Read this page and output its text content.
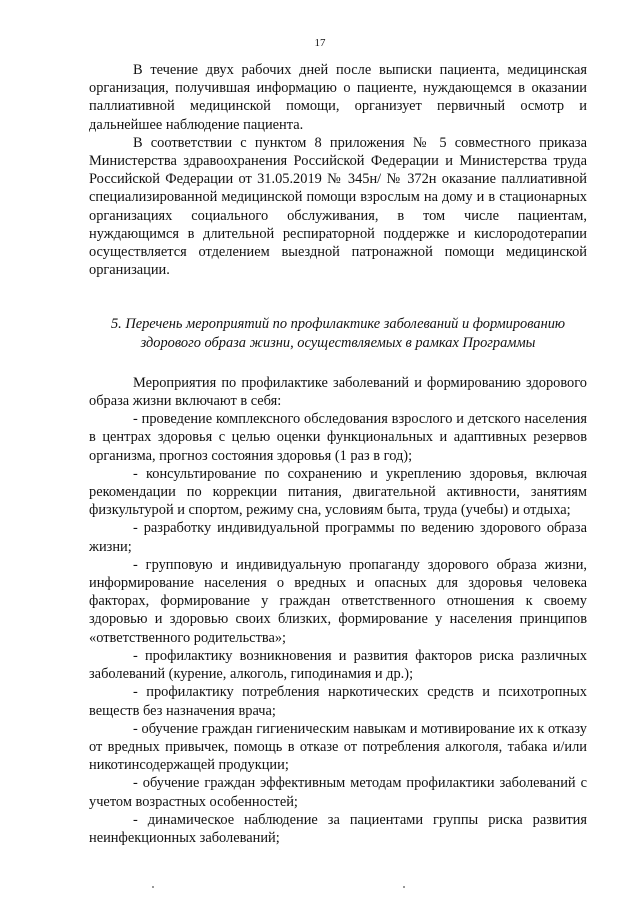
17

В течение двух рабочих дней после выписки пациента, медицинская организация, получившая информацию о пациенте, нуждающемся в оказании паллиативной медицинской помощи, организует первичный осмотр и дальнейшее наблюдение пациента.

В соответствии с пунктом 8 приложения № 5 совместного приказа Министерства здравоохранения Российской Федерации и Министерства труда Российской Федерации от 31.05.2019 № 345н/ № 372н оказание паллиативной специализированной медицинской помощи взрослым на дому и в стационарных организациях социального обслуживания, в том числе пациентам, нуждающимся в длительной респираторной поддержке и кислородотерапии осуществляется отделением выездной патронажной помощи медицинской организации.

5. Перечень мероприятий по профилактике заболеваний и формированию здорового образа жизни, осуществляемых в рамках Программы

Мероприятия по профилактике заболеваний и формированию здорового образа жизни включают в себя:

- проведение комплексного обследования взрослого и детского населения в центрах здоровья с целью оценки функциональных и адаптивных резервов организма, прогноз состояния здоровья (1 раз в год);

- консультирование по сохранению и укреплению здоровья, включая рекомендации по коррекции питания, двигательной активности, занятиям физкультурой и спортом, режиму сна, условиям быта, труда (учебы) и отдыха;

- разработку индивидуальной программы по ведению здорового образа жизни;

- групповую и индивидуальную пропаганду здорового образа жизни, информирование населения о вредных и опасных для здоровья человека факторах, формирование у граждан ответственного отношения к своему здоровью и здоровью своих близких, формирование у населения принципов «ответственного родительства»;

- профилактику возникновения и развития факторов риска различных заболеваний (курение, алкоголь, гиподинамия и др.);

- профилактику потребления наркотических средств и психотропных веществ без назначения врача;

- обучение граждан гигиеническим навыкам и мотивирование их к отказу от вредных привычек, помощь в отказе от потребления алкоголя, табака и/или никотинсодержащей продукции;

- обучение граждан эффективным методам профилактики заболеваний с учетом возрастных особенностей;

- динамическое наблюдение за пациентами группы риска развития неинфекционных заболеваний;
